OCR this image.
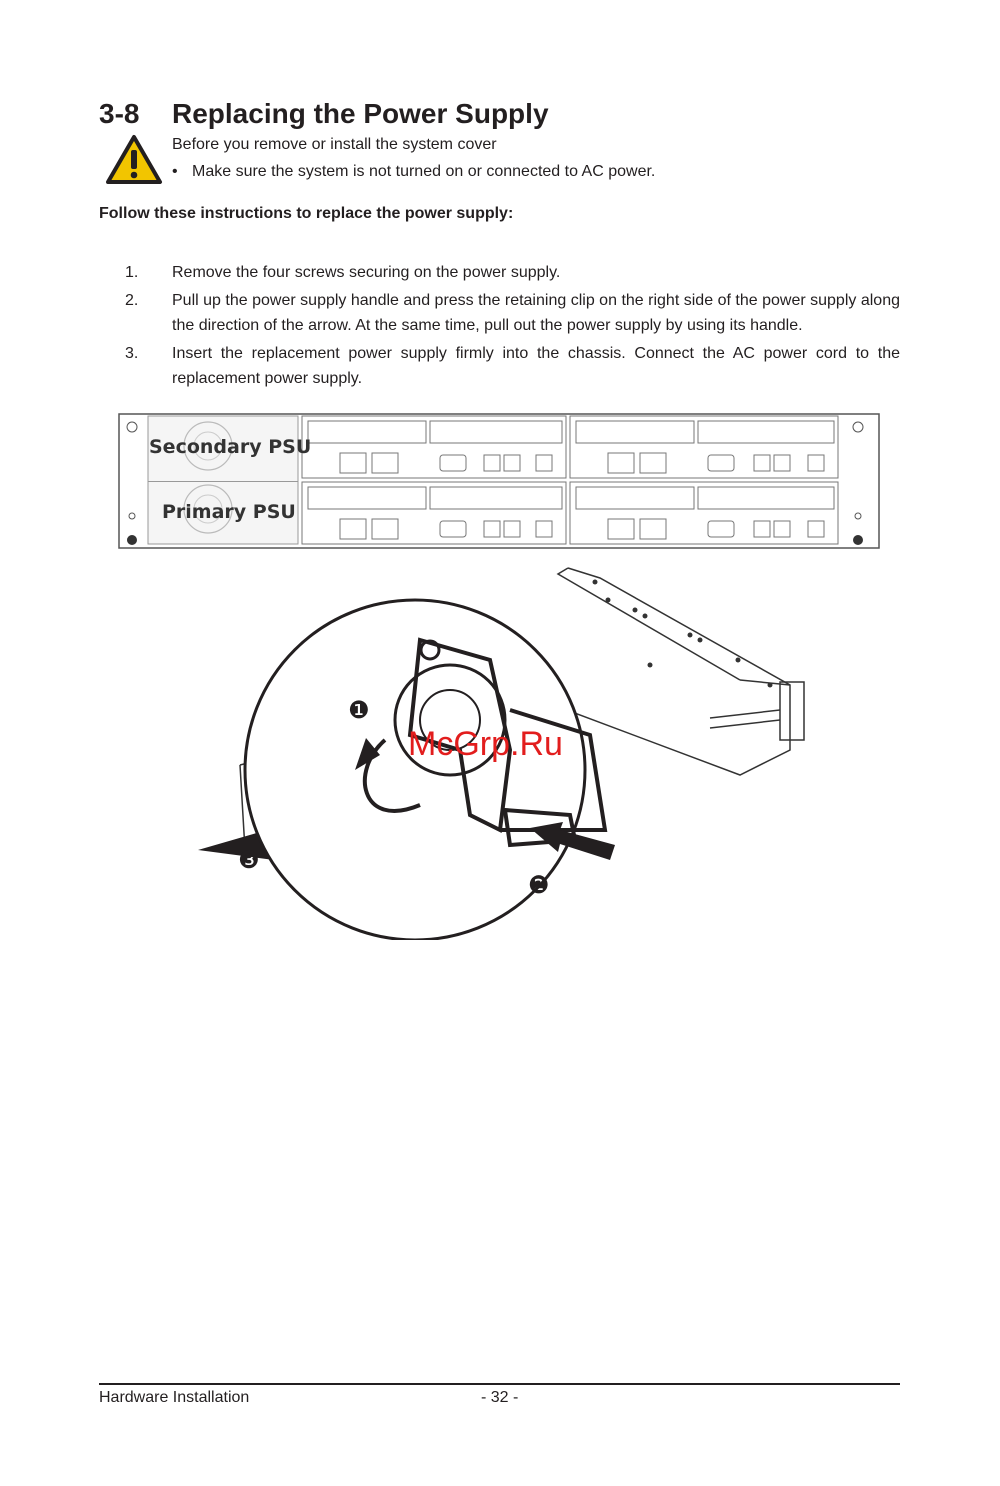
3-8 Replacing the Power Supply
Before you remove or install the system cover
• Make sure the system is not turned on or connected to AC power.
Follow these instructions to replace the power supply:
1. Remove the four screws securing on the power supply.
2. Pull up the power supply handle and press the retaining clip on the right side of the power supply along the direction of the arrow. At the same time, pull out the power supply by using its handle.
3. Insert the replacement power supply firmly into the chassis. Connect the AC power cord to the replacement power supply.
Secondary PSU
Primary PSU
❶
❷
❸
McGrp.Ru
Hardware Installation	- 32 -
